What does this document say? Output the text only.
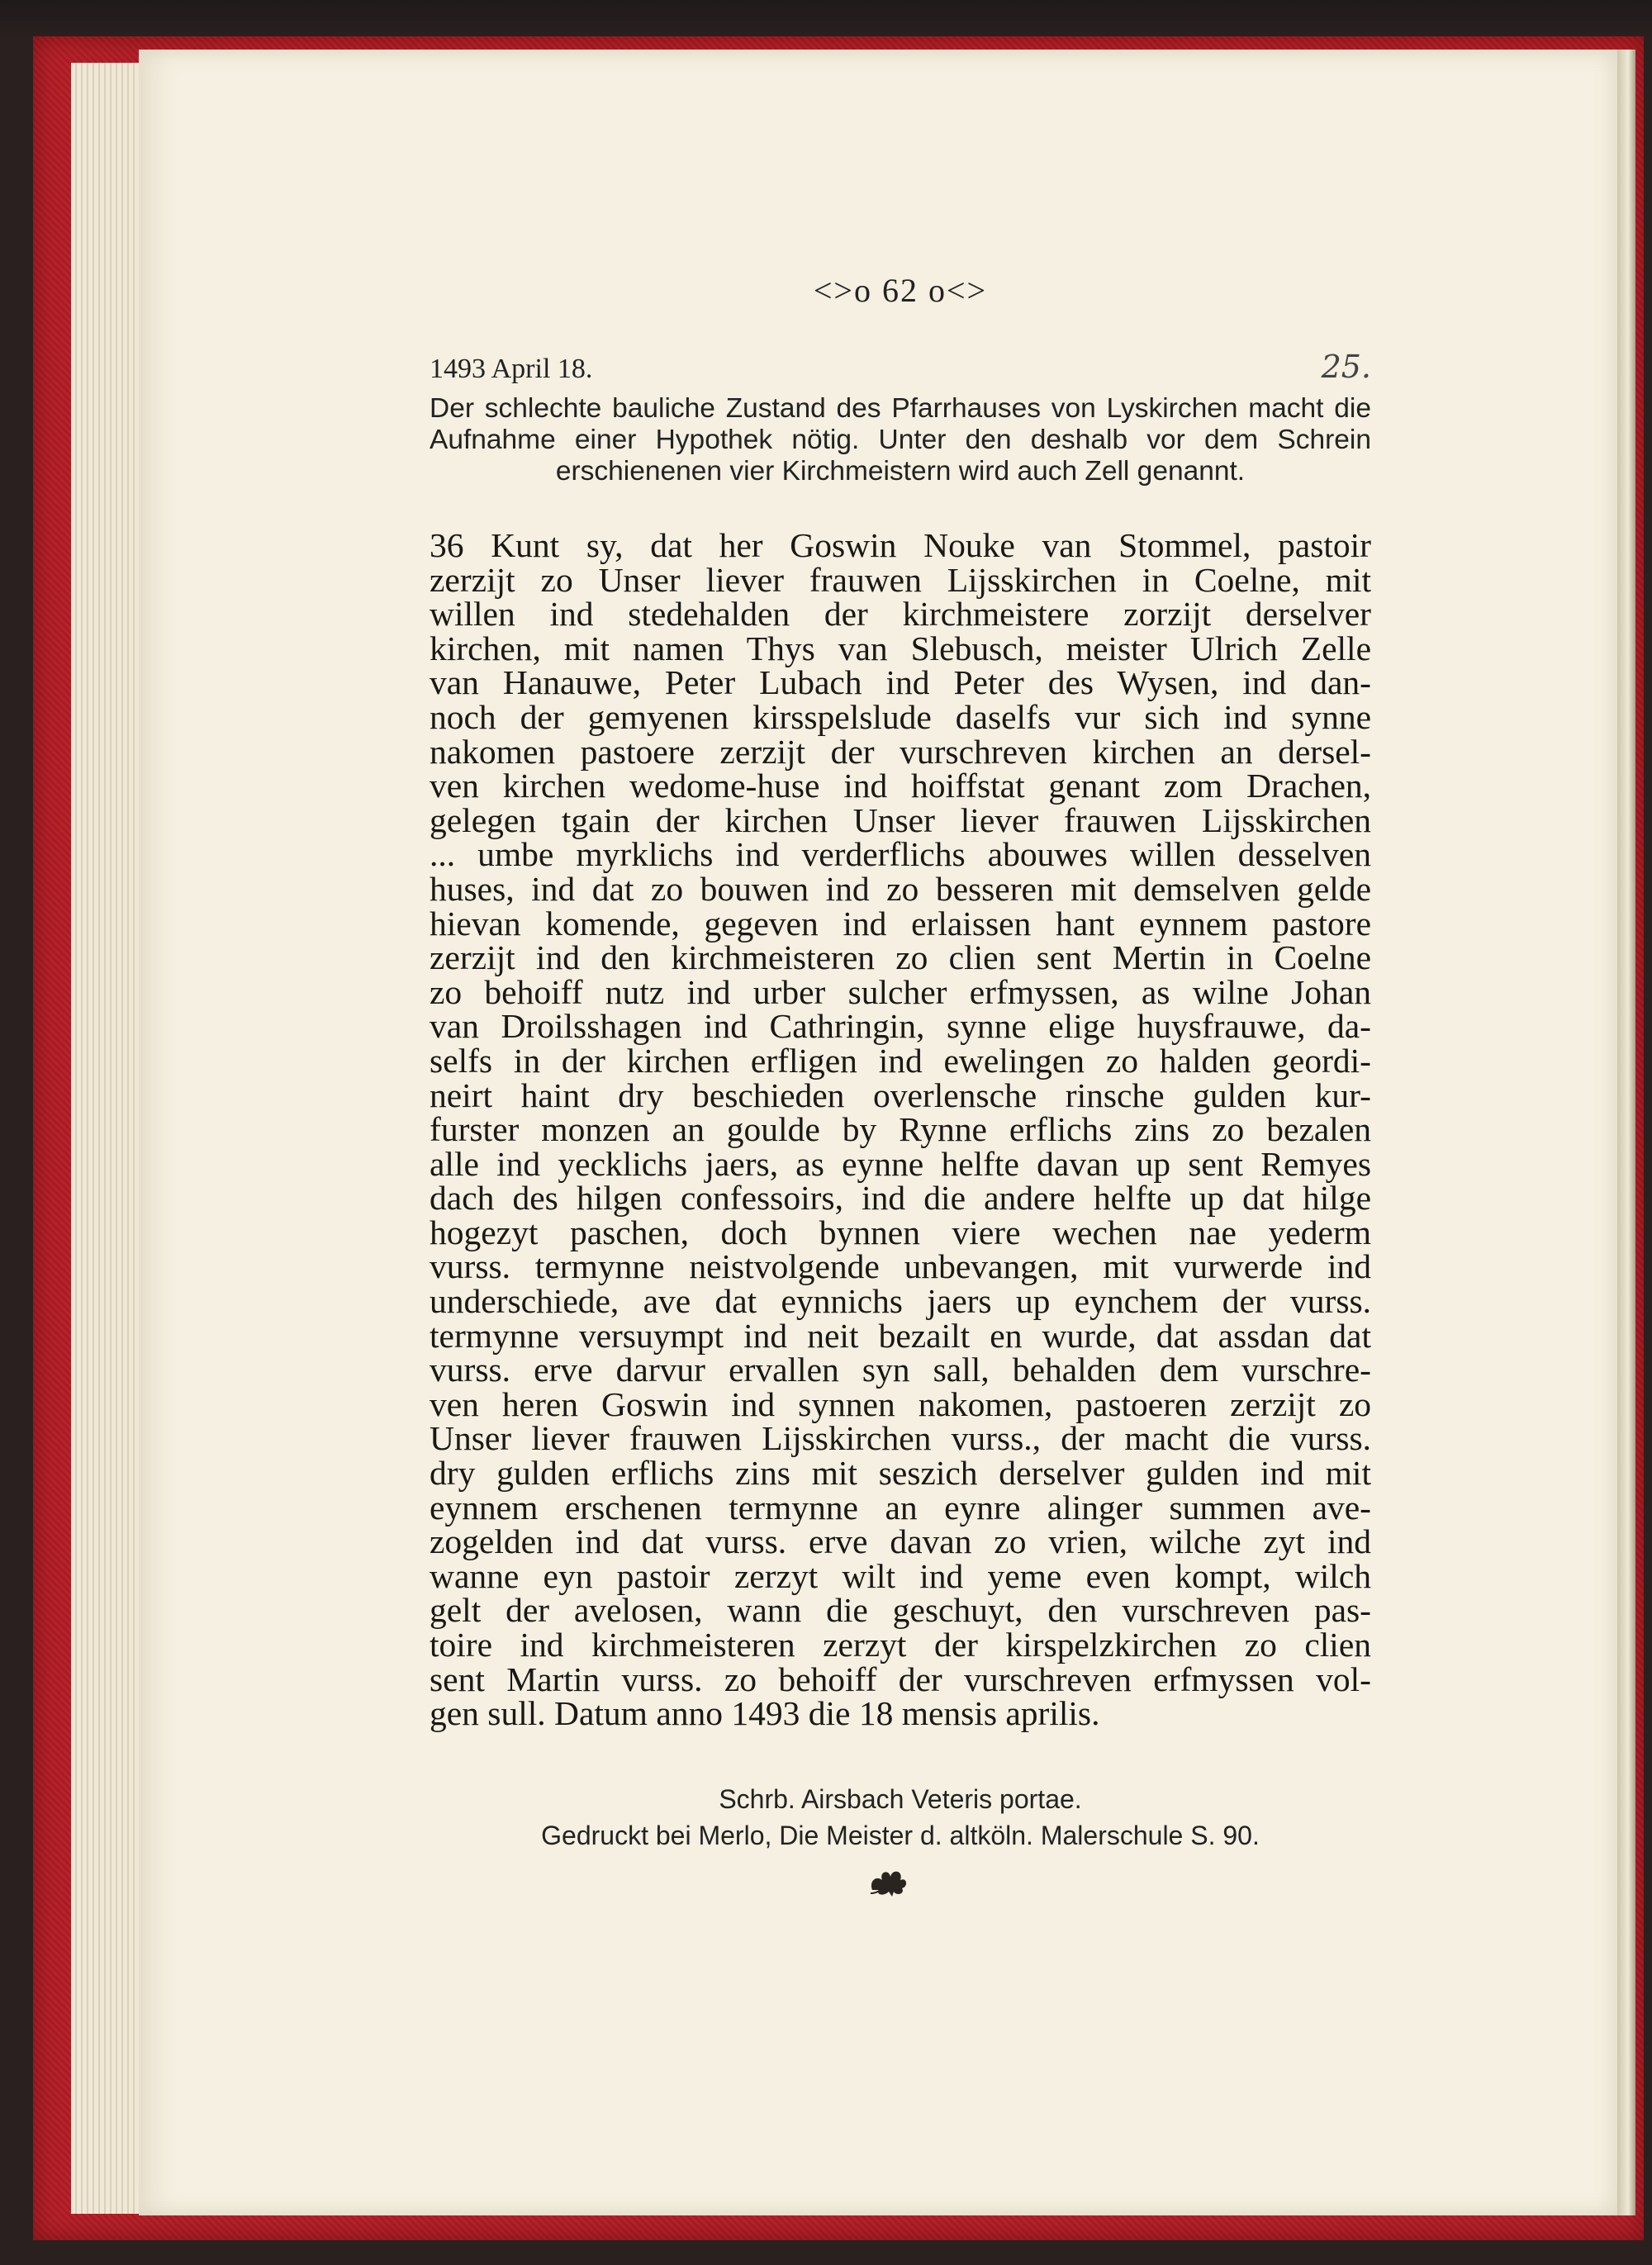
<>o 62 o<>
1493 April 18.	25.
Der schlechte bauliche Zustand des Pfarrhauses von Lyskirchen macht die Aufnahme einer Hypothek nötig. Unter den deshalb vor dem Schrein erschienenen vier Kirchmeistern wird auch Zell genannt.
36 Kunt sy, dat her Goswin Nouke van Stommel, pastoir
zerzijt zo Unser liever frauwen Lijsskirchen in Coelne, mit
willen ind stedehalden der kirchmeistere zorzijt derselver
kirchen, mit namen Thys van Slebusch, meister Ulrich Zelle
van Hanauwe, Peter Lubach ind Peter des Wysen, ind dan-
noch der gemyenen kirsspelslude daselfs vur sich ind synne
nakomen pastoere zerzijt der vurschreven kirchen an dersel-
ven kirchen wedome-huse ind hoiffstat genant zom Drachen,
gelegen tgain der kirchen Unser liever frauwen Lijsskirchen
... umbe myrklichs ind verderflichs abouwes willen desselven
huses, ind dat zo bouwen ind zo besseren mit demselven gelde
hievan komende, gegeven ind erlaissen hant eynnem pastore
zerzijt ind den kirchmeisteren zo clien sent Mertin in Coelne
zo behoiff nutz ind urber sulcher erfmyssen, as wilne Johan
van Droilsshagen ind Cathringin, synne elige huysfrauwe, da-
selfs in der kirchen erfligen ind ewelingen zo halden geordi-
neirt haint dry beschieden overlensche rinsche gulden kur-
furster monzen an goulde by Rynne erflichs zins zo bezalen
alle ind yecklichs jaers, as eynne helfte davan up sent Remyes
dach des hilgen confessoirs, ind die andere helfte up dat hilge
hogezyt paschen, doch bynnen viere wechen nae yederm
vurss. termynne neistvolgende unbevangen, mit vurwerde ind
underschiede, ave dat eynnichs jaers up eynchem der vurss.
termynne versuympt ind neit bezailt en wurde, dat assdan dat
vurss. erve darvur ervallen syn sall, behalden dem vurschre-
ven heren Goswin ind synnen nakomen, pastoeren zerzijt zo
Unser liever frauwen Lijsskirchen vurss., der macht die vurss.
dry gulden erflichs zins mit seszich derselver gulden ind mit
eynnem erschenen termynne an eynre alinger summen ave-
zogelden ind dat vurss. erve davan zo vrien, wilche zyt ind
wanne eyn pastoir zerzyt wilt ind yeme even kompt, wilch
gelt der avelosen, wann die geschuyt, den vurschreven pas-
toire ind kirchmeisteren zerzyt der kirspelzkirchen zo clien
sent Martin vurss. zo behoiff der vurschreven erfmyssen vol-
gen sull. Datum anno 1493 die 18 mensis aprilis.
Schrb. Airsbach Veteris portae.
Gedruckt bei Merlo, Die Meister d. altköln. Malerschule S. 90.
